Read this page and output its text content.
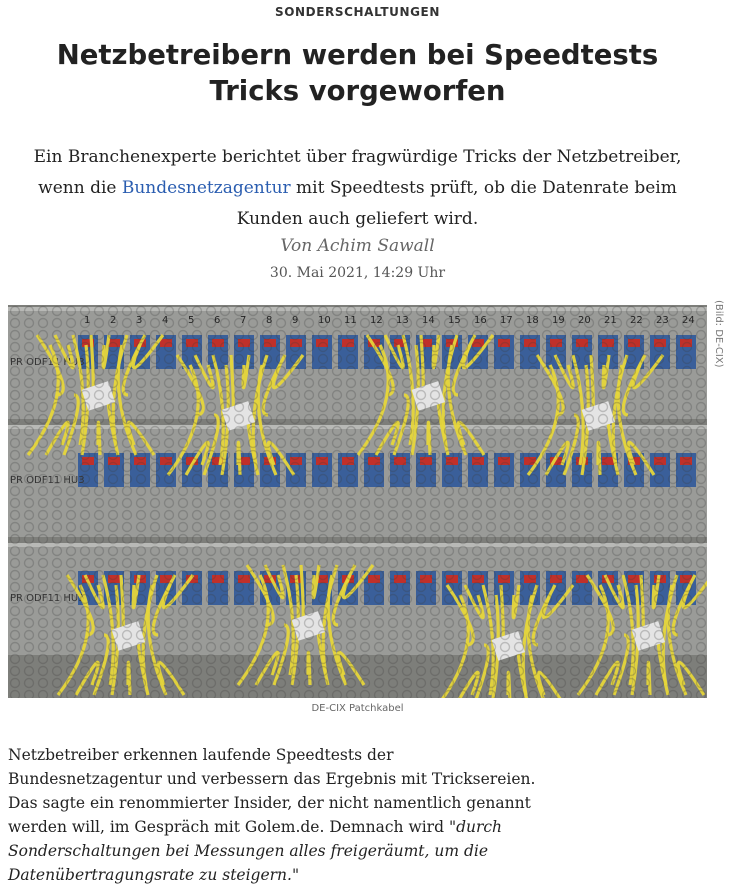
SONDERSCHALTUNGEN
Netzbetreibern werden bei Speedtests Tricks vorgeworfen

Ein Branchenexperte berichtet über fragwürdige Tricks der Netzbetreiber, wenn die Bundesnetzagentur mit Speedtests prüft, ob die Datenrate beim Kunden auch geliefert wird.

Von Achim Sawall
30. Mai 2021, 14:29 Uhr
(Bild: DE-CIX)
DE-CIX Patchkabel

Netzbetreiber erkennen laufende Speedtests der Bundesnetzagentur und verbessern das Ergebnis mit Tricksereien. Das sagte ein renommierter Insider, der nicht namentlich genannt werden will, im Gespräch mit Golem.de. Demnach wird "durch Sonderschaltungen bei Messungen alles freigeräumt, um die Datenübertragungsrate zu steigern."
